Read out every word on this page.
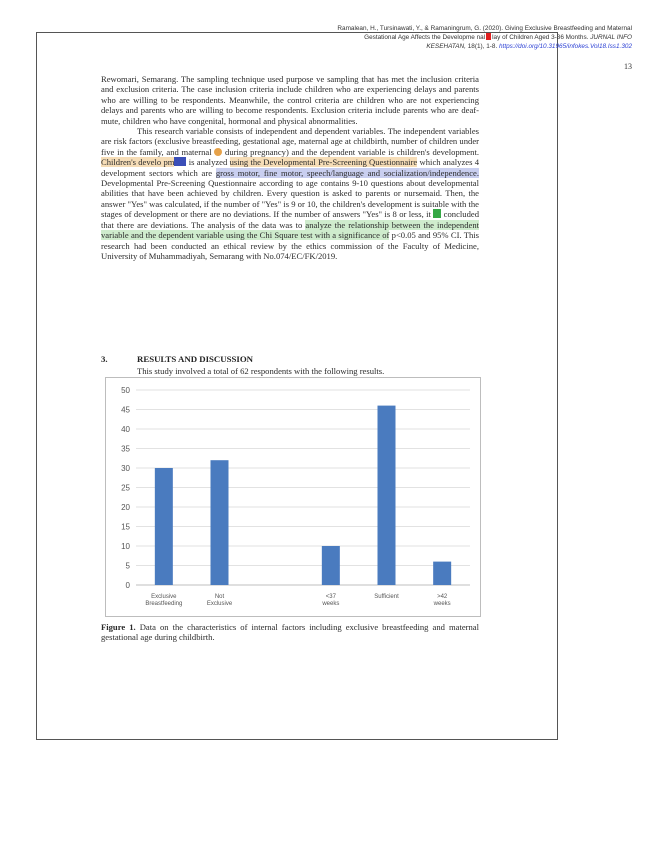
Ramalean, H., Tursinawati, Y., & Ramaningrum, G. (2020). Giving Exclusive Breastfeeding and Maternal
Gestational Age Affects the Developme nal lay of Children Aged 3-36 Months. JURNAL INFO
KESEHATAN, 18(1), 1-8. https://doi.org/10.31965/infokes.Vol18.Iss1.302
13

Rewomari, Semarang. The sampling technique used purpose ve sampling that has met the inclusion criteria and exclusion criteria. The case inclusion criteria include children who are experiencing delays and parents who are willing to be respondents. Meanwhile, the control criteria are children who are not experiencing delays and parents who are willing to become respondents. Exclusion criteria include parents who are deaf-mute, children who have congenital, hormonal and physical abnormalities.

This research variable consists of independent and dependent variables. The independent variables are risk factors (exclusive breastfeeding, gestational age, maternal age at childbirth, number of children under five in the family, and maternal during pregnancy) and the dependent variable is children's development. Children's develo pm is analyzed using the Developmental Pre-Screening Questionnaire which analyzes 4 development sectors which are gross motor, fine motor, speech/language and socialization/independence. Developmental Pre-Screening Questionnaire according to age contains 9-10 questions about developmental abilities that have been achieved by children. Every question is asked to parents or nursemaid. Then, the answer "Yes" was calculated, if the number of "Yes" is 9 or 10, the children's development is suitable with the stages of development or there are no deviations. If the number of answers "Yes" is 8 or less, it concluded that there are deviations. The analysis of the data was to analyze the relationship between the independent variable and the dependent variable using the Chi Square test with a significance of p<0.05 and 95% CI. This research had been conducted an ethical review by the ethics commission of the Faculty of Medicine, University of Muhammadiyah, Semarang with No.074/EC/FK/2019.

3.	RESULTS AND DISCUSSION
This study involved a total of 62 respondents with the following results.
0
5
10
15
20
25
30
35
40
45
50
Exclusive Breastfeeding
Not Exclusive
<37 weeks
Sufficient	>42 weeks
Figure 1. Data on the characteristics of internal factors including exclusive breastfeeding and maternal gestational age during childbirth.
